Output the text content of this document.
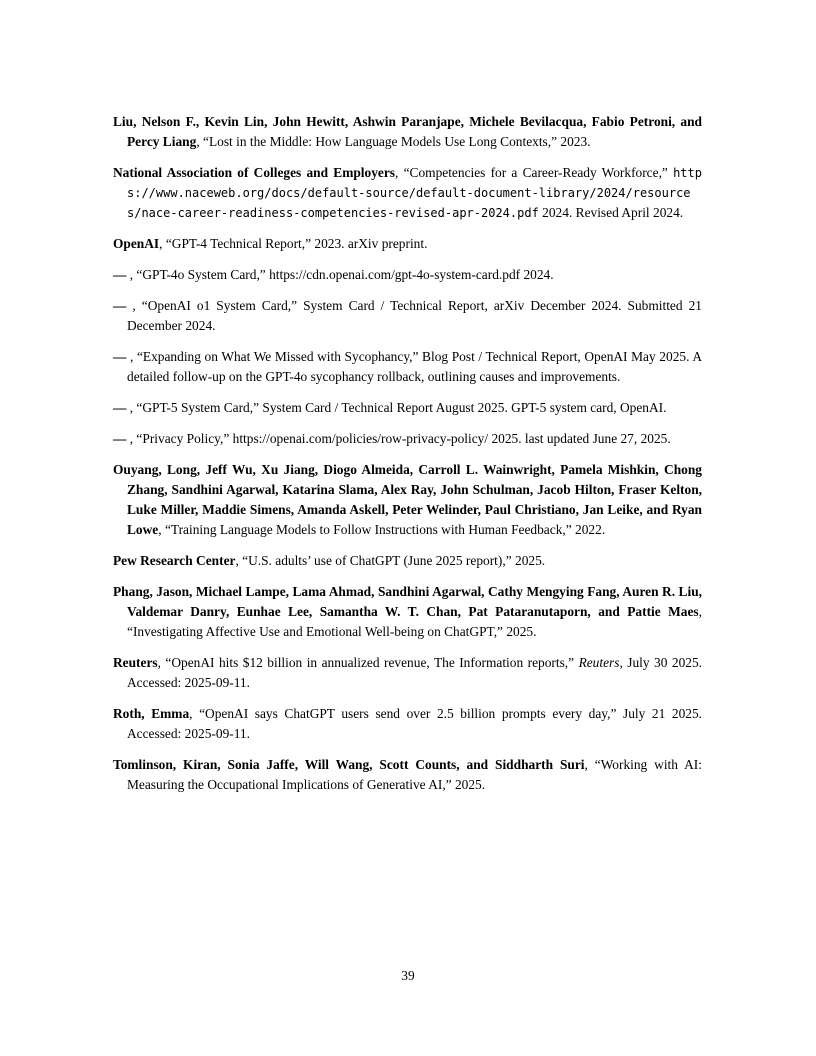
Liu, Nelson F., Kevin Lin, John Hewitt, Ashwin Paranjape, Michele Bevilacqua, Fabio Petroni, and Percy Liang, “Lost in the Middle: How Language Models Use Long Contexts,” 2023.

National Association of Colleges and Employers, “Competencies for a Career-Ready Workforce,” https://www.naceweb.org/docs/default-source/default-document-library/2024/resources/nace-career-readiness-competencies-revised-apr-2024.pdf 2024. Revised April 2024.

OpenAI, “GPT-4 Technical Report,” 2023. arXiv preprint.

— , “GPT-4o System Card,” https://cdn.openai.com/gpt-4o-system-card.pdf 2024.

— , “OpenAI o1 System Card,” System Card / Technical Report, arXiv December 2024. Submitted 21 December 2024.

— , “Expanding on What We Missed with Sycophancy,” Blog Post / Technical Report, OpenAI May 2025. A detailed follow-up on the GPT-4o sycophancy rollback, outlining causes and improvements.

— , “GPT-5 System Card,” System Card / Technical Report August 2025. GPT-5 system card, OpenAI.

— , “Privacy Policy,” https://openai.com/policies/row-privacy-policy/ 2025. last updated June 27, 2025.

Ouyang, Long, Jeff Wu, Xu Jiang, Diogo Almeida, Carroll L. Wainwright, Pamela Mishkin, Chong Zhang, Sandhini Agarwal, Katarina Slama, Alex Ray, John Schulman, Jacob Hilton, Fraser Kelton, Luke Miller, Maddie Simens, Amanda Askell, Peter Welinder, Paul Christiano, Jan Leike, and Ryan Lowe, “Training Language Models to Follow Instructions with Human Feedback,” 2022.

Pew Research Center, “U.S. adults’ use of ChatGPT (June 2025 report),” 2025.

Phang, Jason, Michael Lampe, Lama Ahmad, Sandhini Agarwal, Cathy Mengying Fang, Auren R. Liu, Valdemar Danry, Eunhae Lee, Samantha W. T. Chan, Pat Pataranutaporn, and Pattie Maes, “Investigating Affective Use and Emotional Well-being on ChatGPT,” 2025.

Reuters, “OpenAI hits $12 billion in annualized revenue, The Information reports,” Reuters, July 30 2025. Accessed: 2025-09-11.

Roth, Emma, “OpenAI says ChatGPT users send over 2.5 billion prompts every day,” July 21 2025. Accessed: 2025-09-11.

Tomlinson, Kiran, Sonia Jaffe, Will Wang, Scott Counts, and Siddharth Suri, “Working with AI: Measuring the Occupational Implications of Generative AI,” 2025.

39
